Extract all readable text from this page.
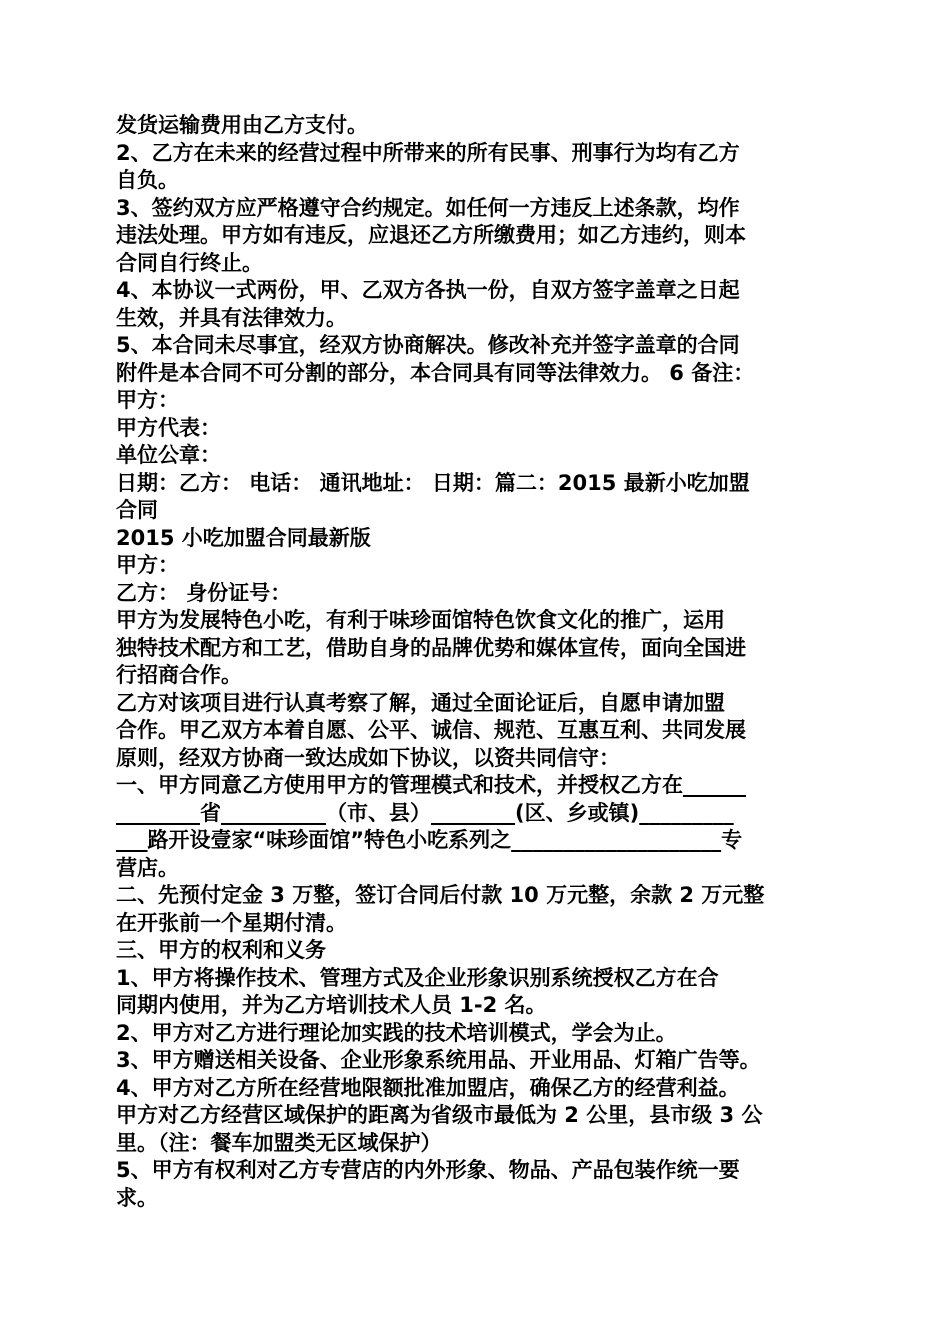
发货运输费用由乙方支付。
2、乙方在未来的经营过程中所带来的所有民事、刑事行为均有乙方
自负。
3、签约双方应严格遵守合约规定。如任何一方违反上述条款，均作
违法处理。甲方如有违反，应退还乙方所缴费用；如乙方违约，则本
合同自行终止。
4、本协议一式两份，甲、乙双方各执一份，自双方签字盖章之日起
生效，并具有法律效力。
5、本合同未尽事宜，经双方协商解决。修改补充并签字盖章的合同
附件是本合同不可分割的部分，本合同具有同等法律效力。 6 备注：
甲方：
甲方代表：
单位公章：
日期：乙方： 电话： 通讯地址： 日期：篇二：2015 最新小吃加盟
合同
2015 小吃加盟合同最新版
甲方：
乙方： 身份证号：
甲方为发展特色小吃，有利于味珍面馆特色饮食文化的推广，运用
独特技术配方和工艺，借助自身的品牌优势和媒体宣传，面向全国进
行招商合作。
乙方对该项目进行认真考察了解，通过全面论证后，自愿申请加盟
合作。甲乙双方本着自愿、公平、诚信、规范、互惠互利、共同发展
原则，经双方协商一致达成如下协议，以资共同信守：
一、甲方同意乙方使用甲方的管理模式和技术，并授权乙方在______
________省__________（市、县）________(区、乡或镇)_________
___路开设壹家“味珍面馆”特色小吃系列之____________________专
营店。
二、先预付定金 3 万整，签订合同后付款 10 万元整，余款 2 万元整
在开张前一个星期付清。
三、甲方的权利和义务
1、甲方将操作技术、管理方式及企业形象识别系统授权乙方在合
同期内使用，并为乙方培训技术人员 1-2 名。
2、甲方对乙方进行理论加实践的技术培训模式，学会为止。
3、甲方赠送相关设备、企业形象系统用品、开业用品、灯箱广告等。
4、甲方对乙方所在经营地限额批准加盟店，确保乙方的经营利益。
甲方对乙方经营区域保护的距离为省级市最低为 2 公里，县市级 3 公
里。（注：餐车加盟类无区域保护）
5、甲方有权利对乙方专营店的内外形象、物品、产品包装作统一要
求。
